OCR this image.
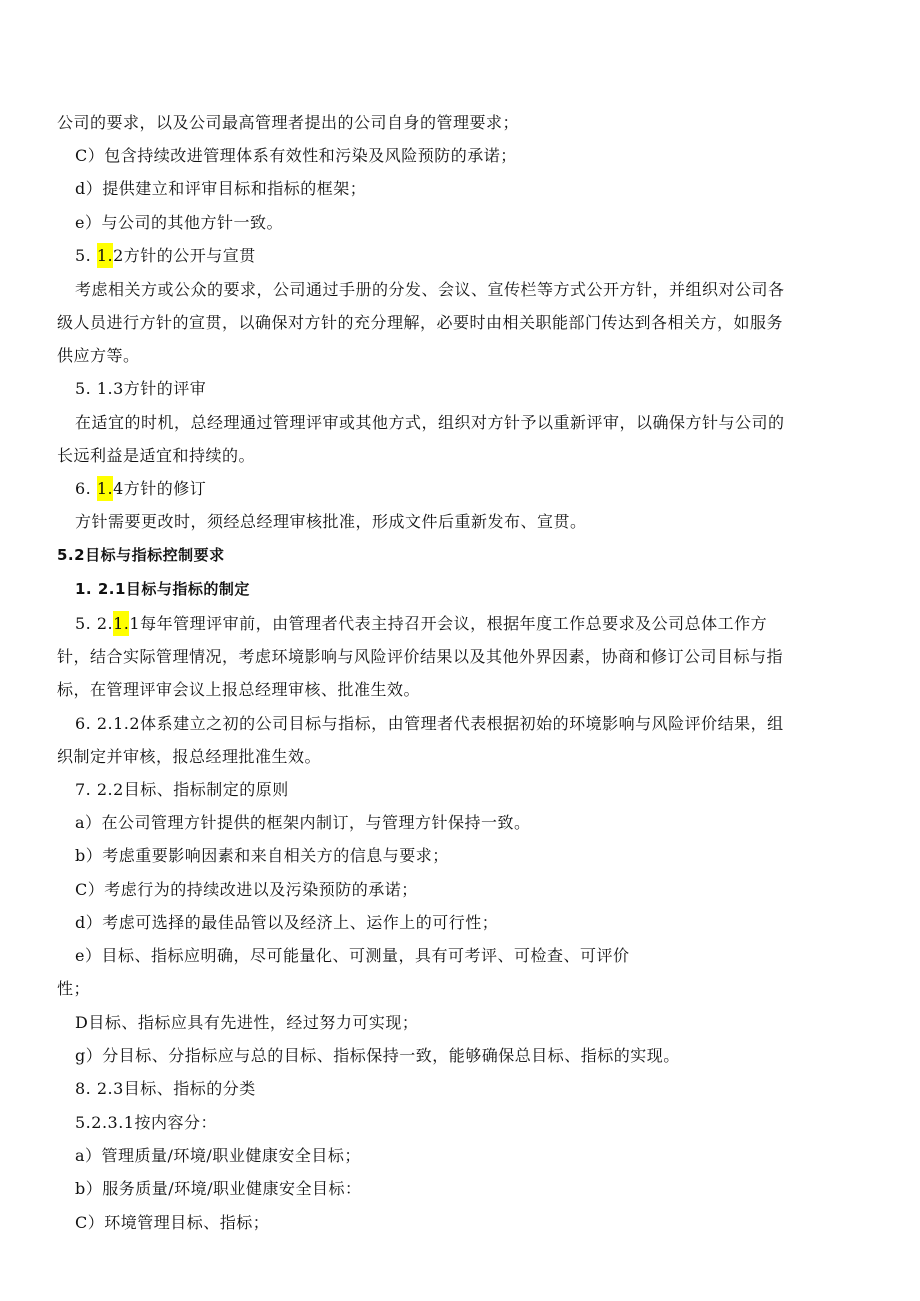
公司的要求，以及公司最高管理者提出的公司自身的管理要求；

C）包含持续改进管理体系有效性和污染及风险预防的承诺；

d）提供建立和评审目标和指标的框架；

e）与公司的其他方针一致。

5. 1.2方针的公开与宣贯

考虑相关方或公众的要求，公司通过手册的分发、会议、宣传栏等方式公开方针，并组织对公司各

级人员进行方针的宣贯，以确保对方针的充分理解，必要时由相关职能部门传达到各相关方，如服务

供应方等。

5. 1.3方针的评审

在适宜的时机，总经理通过管理评审或其他方式，组织对方针予以重新评审，以确保方针与公司的

长远利益是适宜和持续的。

6. 1.4方针的修订

方针需要更改时，须经总经理审核批准，形成文件后重新发布、宣贯。

5.2目标与指标控制要求

1. 2.1目标与指标的制定

5. 2.1.1每年管理评审前，由管理者代表主持召开会议，根据年度工作总要求及公司总体工作方

针，结合实际管理情况，考虑环境影响与风险评价结果以及其他外界因素，协商和修订公司目标与指

标，在管理评审会议上报总经理审核、批准生效。

6. 2.1.2体系建立之初的公司目标与指标，由管理者代表根据初始的环境影响与风险评价结果，组

织制定并审核，报总经理批准生效。

7. 2.2目标、指标制定的原则

a）在公司管理方针提供的框架内制订，与管理方针保持一致。

b）考虑重要影响因素和来自相关方的信息与要求；

C）考虑行为的持续改进以及污染预防的承诺；

d）考虑可选择的最佳品管以及经济上、运作上的可行性；

e）目标、指标应明确，尽可能量化、可测量，具有可考评、可检查、可评价

性；

D目标、指标应具有先进性，经过努力可实现；

g）分目标、分指标应与总的目标、指标保持一致，能够确保总目标、指标的实现。

8. 2.3目标、指标的分类

5.2.3.1按内容分：

a）管理质量/环境/职业健康安全目标；

b）服务质量/环境/职业健康安全目标：

C）环境管理目标、指标；
